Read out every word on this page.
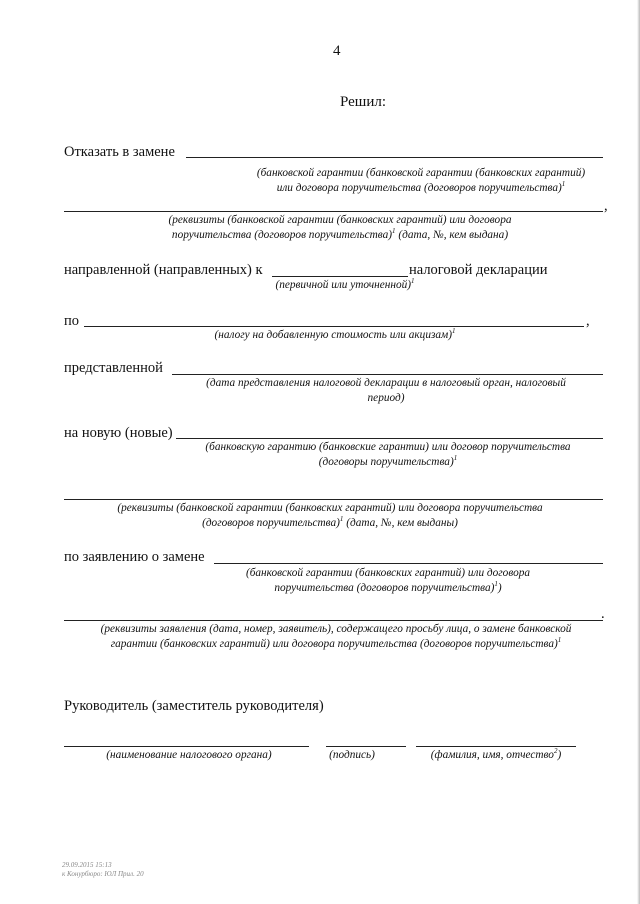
4
Решил:
Отказать в замене
(банковской гарантии (банковской гарантии (банковских гарантий)
или договора поручительства (договоров поручительства)$^1$
,
(реквизиты (банковской гарантии (банковских гарантий) или договора
поручительства (договоров поручительства)$^1$ (дата, №, кем выдана)
направленной (направленных) к	налоговой декларации
(первичной или уточненной)$^1$
по	,
(налогу на добавленную стоимость или акцизам)$^1$
представленной
(дата представления налоговой декларации в налоговый орган, налоговый
период)
на новую (новые)
(банковскую гарантию (банковские гарантии) или договор поручительства
(договоры поручительства)$^1$
(реквизиты (банковской гарантии (банковских гарантий) или договора поручительства
(договоров поручительства)$^1$ (дата, №, кем выданы)
по заявлению о замене
(банковской гарантии (банковских гарантий) или договора
поручительства (договоров поручительства)$^1$)
.
(реквизиты заявления (дата, номер, заявитель), содержащего просьбу лица, о замене банковской
гарантии (банковских гарантий) или договора поручительства (договоров поручительства)$^1$
Руководитель (заместитель руководителя)
(наименование налогового органа)	(подпись)	(фамилия, имя, отчество$^2$)
29.09.2015 15:13
к Конурбюро: ЮЛ Прил. 20
